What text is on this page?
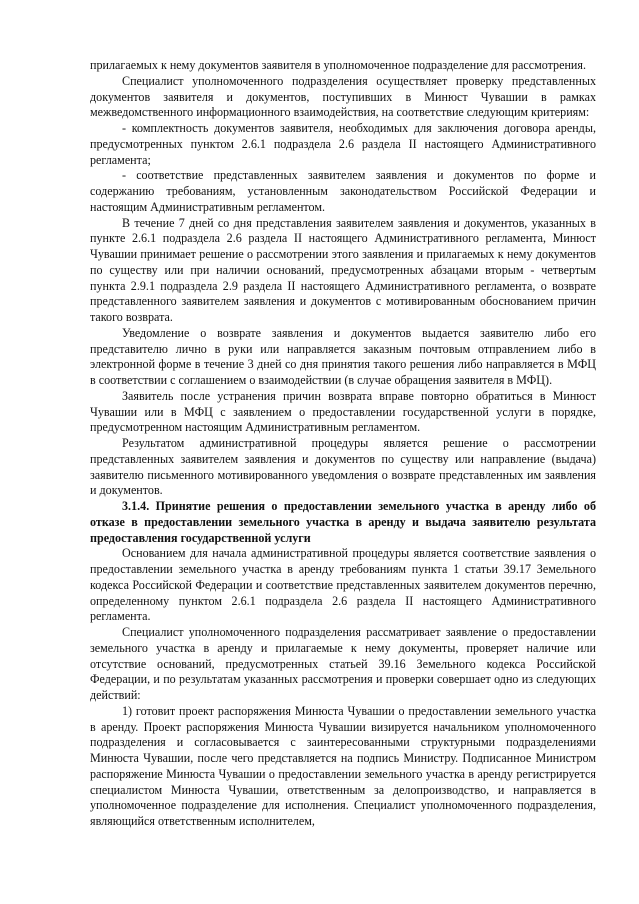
прилагаемых к нему документов заявителя в уполномоченное подразделение для рассмотрения.

Специалист уполномоченного подразделения осуществляет проверку представленных документов заявителя и документов, поступивших в Минюст Чувашии в рамках межведомственного информационного взаимодействия, на соответствие следующим критериям:

- комплектность документов заявителя, необходимых для заключения договора аренды, предусмотренных пунктом 2.6.1 подраздела 2.6 раздела II настоящего Административного регламента;

- соответствие представленных заявителем заявления и документов по форме и содержанию требованиям, установленным законодательством Российской Федерации и настоящим Административным регламентом.

В течение 7 дней со дня представления заявителем заявления и документов, указанных в пункте 2.6.1 подраздела 2.6 раздела II настоящего Административного регламента, Минюст Чувашии принимает решение о рассмотрении этого заявления и прилагаемых к нему документов по существу или при наличии оснований, предусмотренных абзацами вторым - четвертым пункта 2.9.1 подраздела 2.9 раздела II настоящего Административного регламента, о возврате представленного заявителем заявления и документов с мотивированным обоснованием причин такого возврата.

Уведомление о возврате заявления и документов выдается заявителю либо его представителю лично в руки или направляется заказным почтовым отправлением либо в электронной форме в течение 3 дней со дня принятия такого решения либо направляется в МФЦ в соответствии с соглашением о взаимодействии (в случае обращения заявителя в МФЦ).

Заявитель после устранения причин возврата вправе повторно обратиться в Минюст Чувашии или в МФЦ с заявлением о предоставлении государственной услуги в порядке, предусмотренном настоящим Административным регламентом.

Результатом административной процедуры является решение о рассмотрении представленных заявителем заявления и документов по существу или направление (выдача) заявителю письменного мотивированного уведомления о возврате представленных им заявления и документов.

3.1.4. Принятие решения о предоставлении земельного участка в аренду либо об отказе в предоставлении земельного участка в аренду и выдача заявителю результата предоставления государственной услуги

Основанием для начала административной процедуры является соответствие заявления о предоставлении земельного участка в аренду требованиям пункта 1 статьи 39.17 Земельного кодекса Российской Федерации и соответствие представленных заявителем документов перечню, определенному пунктом 2.6.1 подраздела 2.6 раздела II настоящего Административного регламента.

Специалист уполномоченного подразделения рассматривает заявление о предоставлении земельного участка в аренду и прилагаемые к нему документы, проверяет наличие или отсутствие оснований, предусмотренных статьей 39.16 Земельного кодекса Российской Федерации, и по результатам указанных рассмотрения и проверки совершает одно из следующих действий:

1) готовит проект распоряжения Минюста Чувашии о предоставлении земельного участка в аренду. Проект распоряжения Минюста Чувашии визируется начальником уполномоченного подразделения и согласовывается с заинтересованными структурными подразделениями Минюста Чувашии, после чего представляется на подпись Министру. Подписанное Министром распоряжение Минюста Чувашии о предоставлении земельного участка в аренду регистрируется специалистом Минюста Чувашии, ответственным за делопроизводство, и направляется в уполномоченное подразделение для исполнения. Специалист уполномоченного подразделения, являющийся ответственным исполнителем,
